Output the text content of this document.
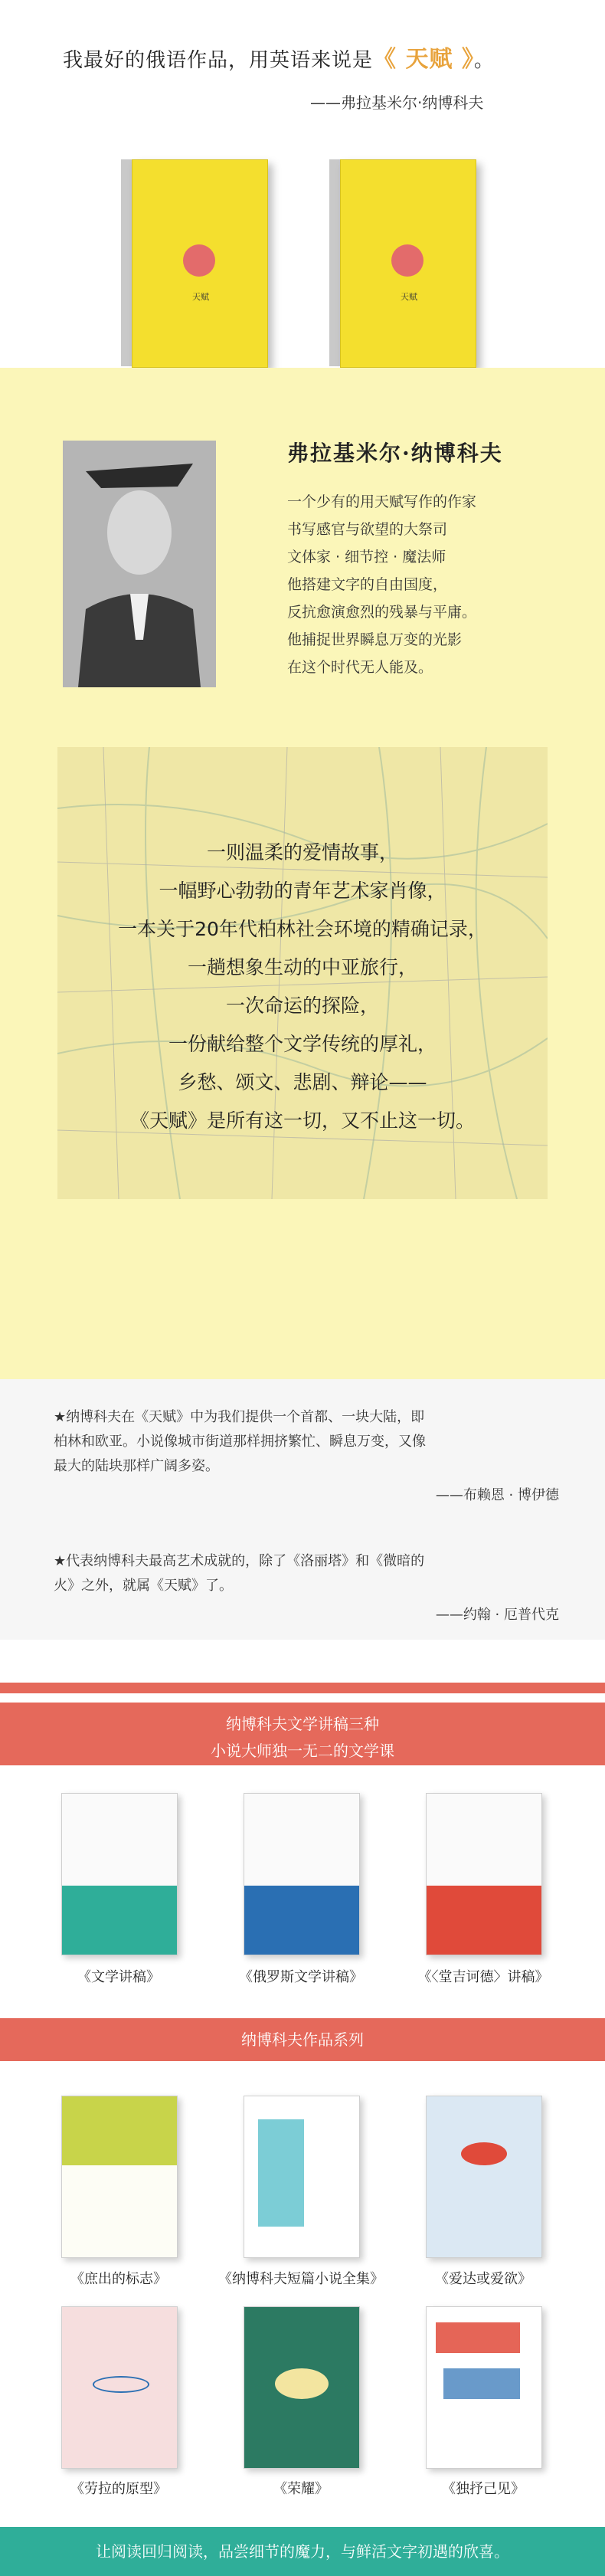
我最好的俄语作品，用英语来说是《 天赋 》。
——弗拉基米尔·纳博科夫
天赋	天赋
弗拉基米尔·纳博科夫
一个少有的用天赋写作的作家
书写感官与欲望的大祭司
文体家 · 细节控 · 魔法师
他搭建文字的自由国度，
反抗愈演愈烈的残暴与平庸。
他捕捉世界瞬息万变的光影
在这个时代无人能及。
一则温柔的爱情故事，
一幅野心勃勃的青年艺术家肖像，
一本关于20年代柏林社会环境的精确记录，
一趟想象生动的中亚旅行，
一次命运的探险，
一份献给整个文学传统的厚礼，
乡愁、颂文、悲剧、辩论——
《天赋》是所有这一切，又不止这一切。
★纳博科夫在《天赋》中为我们提供一个首都、一块大陆，即
柏林和欧亚。小说像城市街道那样拥挤繁忙、瞬息万变，又像
最大的陆块那样广阔多姿。
——布赖恩 · 博伊德
★代表纳博科夫最高艺术成就的，除了《洛丽塔》和《微暗的
火》之外，就属《天赋》了。
——约翰 · 厄普代克
纳博科夫文学讲稿三种
小说大师独一无二的文学课
《文学讲稿》	《俄罗斯文学讲稿》	《〈堂吉诃德〉讲稿》
纳博科夫作品系列
《庶出的标志》	《纳博科夫短篇小说全集》	《爱达或爱欲》
《劳拉的原型》	《荣耀》	《独抒己见》
让阅读回归阅读，品尝细节的魔力，与鲜活文字初遇的欣喜。
